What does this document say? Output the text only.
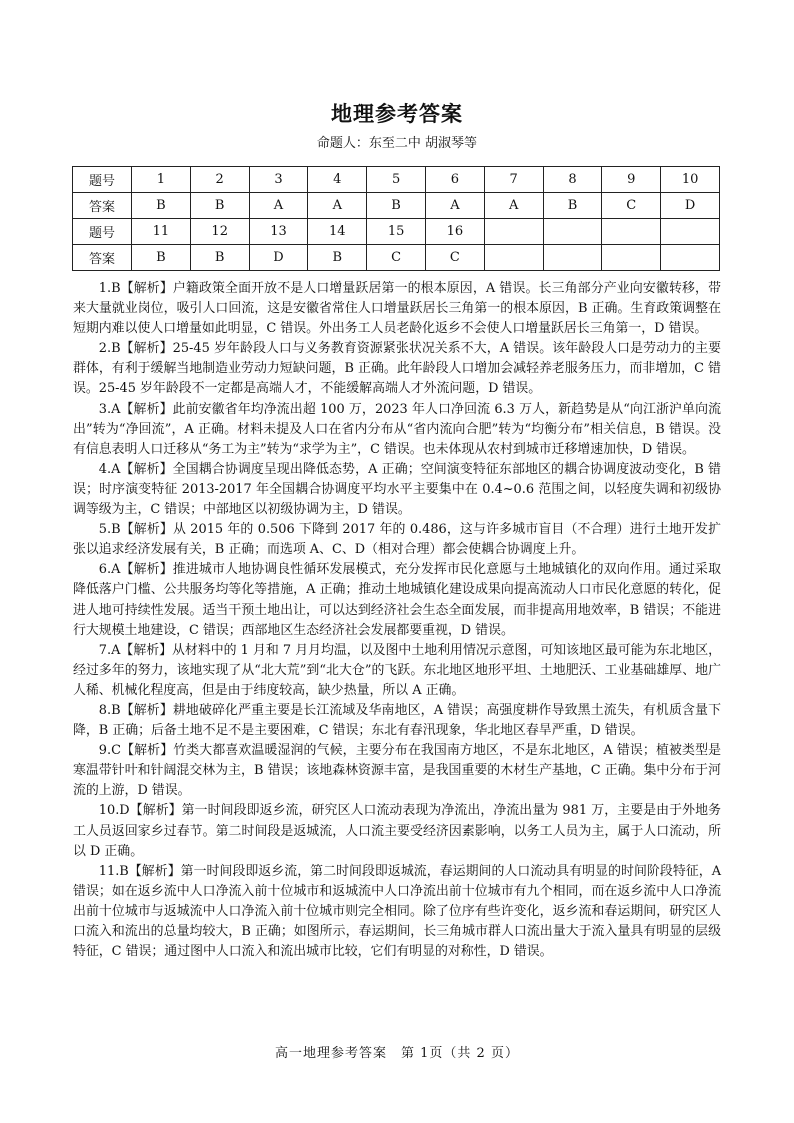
地理参考答案
命题人：东至二中 胡淑琴等
题号	1	2	3	4	5	6	7	8	9	10
答案	B	B	A	A	B	A	A	B	C	D
题号	11	12	13	14	15	16				
答案	B	B	D	B	C	C				

1.B【解析】户籍政策全面开放不是人口增量跃居第一的根本原因，A 错误。长三角部分产业向安徽转移，带来大量就业岗位，吸引人口回流，这是安徽省常住人口增量跃居长三角第一的根本原因，B 正确。生育政策调整在短期内难以使人口增量如此明显，C 错误。外出务工人员老龄化返乡不会使人口增量跃居长三角第一，D 错误。

2.B【解析】25-45 岁年龄段人口与义务教育资源紧张状况关系不大，A 错误。该年龄段人口是劳动力的主要群体，有利于缓解当地制造业劳动力短缺问题，B 正确。此年龄段人口增加会减轻养老服务压力，而非增加，C 错误。25-45 岁年龄段不一定都是高端人才，不能缓解高端人才外流问题，D 错误。

3.A【解析】此前安徽省年均净流出超 100 万，2023 年人口净回流 6.3 万人，新趋势是从“向江浙沪单向流出”转为“净回流”，A 正确。材料未提及人口在省内分布从“省内流向合肥”转为“均衡分布”相关信息，B 错误。没有信息表明人口迁移从“务工为主”转为“求学为主”，C 错误。也未体现从农村到城市迁移增速加快，D 错误。

4.A【解析】全国耦合协调度呈现出降低态势，A 正确；空间演变特征东部地区的耦合协调度波动变化，B 错误；时序演变特征 2013-2017 年全国耦合协调度平均水平主要集中在 0.4~0.6 范围之间，以轻度失调和初级协调等级为主，C 错误；中部地区以初级协调为主，D 错误。

5.B【解析】从 2015 年的 0.506 下降到 2017 年的 0.486，这与许多城市盲目（不合理）进行土地开发扩张以追求经济发展有关，B 正确；而选项 A、C、D（相对合理）都会使耦合协调度上升。

6.A【解析】推进城市人地协调良性循环发展模式，充分发挥市民化意愿与土地城镇化的双向作用。通过采取降低落户门槛、公共服务均等化等措施，A 正确；推动土地城镇化建设成果向提高流动人口市民化意愿的转化，促进人地可持续性发展。适当干预土地出让，可以达到经济社会生态全面发展，而非提高用地效率，B 错误；不能进行大规模土地建设，C 错误；西部地区生态经济社会发展都要重视，D 错误。

7.A【解析】从材料中的 1 月和 7 月月均温，以及图中土地利用情况示意图，可知该地区最可能为东北地区，经过多年的努力，该地实现了从“北大荒”到“北大仓”的飞跃。东北地区地形平坦、土地肥沃、工业基础雄厚、地广人稀、机械化程度高，但是由于纬度较高，缺少热量，所以 A 正确。

8.B【解析】耕地破碎化严重主要是长江流域及华南地区，A 错误；高强度耕作导致黑土流失，有机质含量下降，B 正确；后备土地不足不是主要困难，C 错误；东北有春汛现象，华北地区春旱严重，D 错误。

9.C【解析】竹类大都喜欢温暖湿润的气候，主要分布在我国南方地区，不是东北地区，A 错误；植被类型是寒温带针叶和针阔混交林为主，B 错误；该地森林资源丰富，是我国重要的木材生产基地，C 正确。集中分布于河流的上游，D 错误。

10.D【解析】第一时间段即返乡流，研究区人口流动表现为净流出，净流出量为 981 万，主要是由于外地务工人员返回家乡过春节。第二时间段是返城流，人口流主要受经济因素影响，以务工人员为主，属于人口流动，所以 D 正确。

11.B【解析】第一时间段即返乡流，第二时间段即返城流，春运期间的人口流动具有明显的时间阶段特征，A 错误；如在返乡流中人口净流入前十位城市和返城流中人口净流出前十位城市有九个相同，而在返乡流中人口净流出前十位城市与返城流中人口净流入前十位城市则完全相同。除了位序有些许变化，返乡流和春运期间，研究区人口流入和流出的总量均较大，B 正确；如图所示，春运期间，长三角城市群人口流出量大于流入量具有明显的层级特征，C 错误；通过图中人口流入和流出城市比较，它们有明显的对称性，D 错误。

高一地理参考答案　第 1页（共 2 页）
